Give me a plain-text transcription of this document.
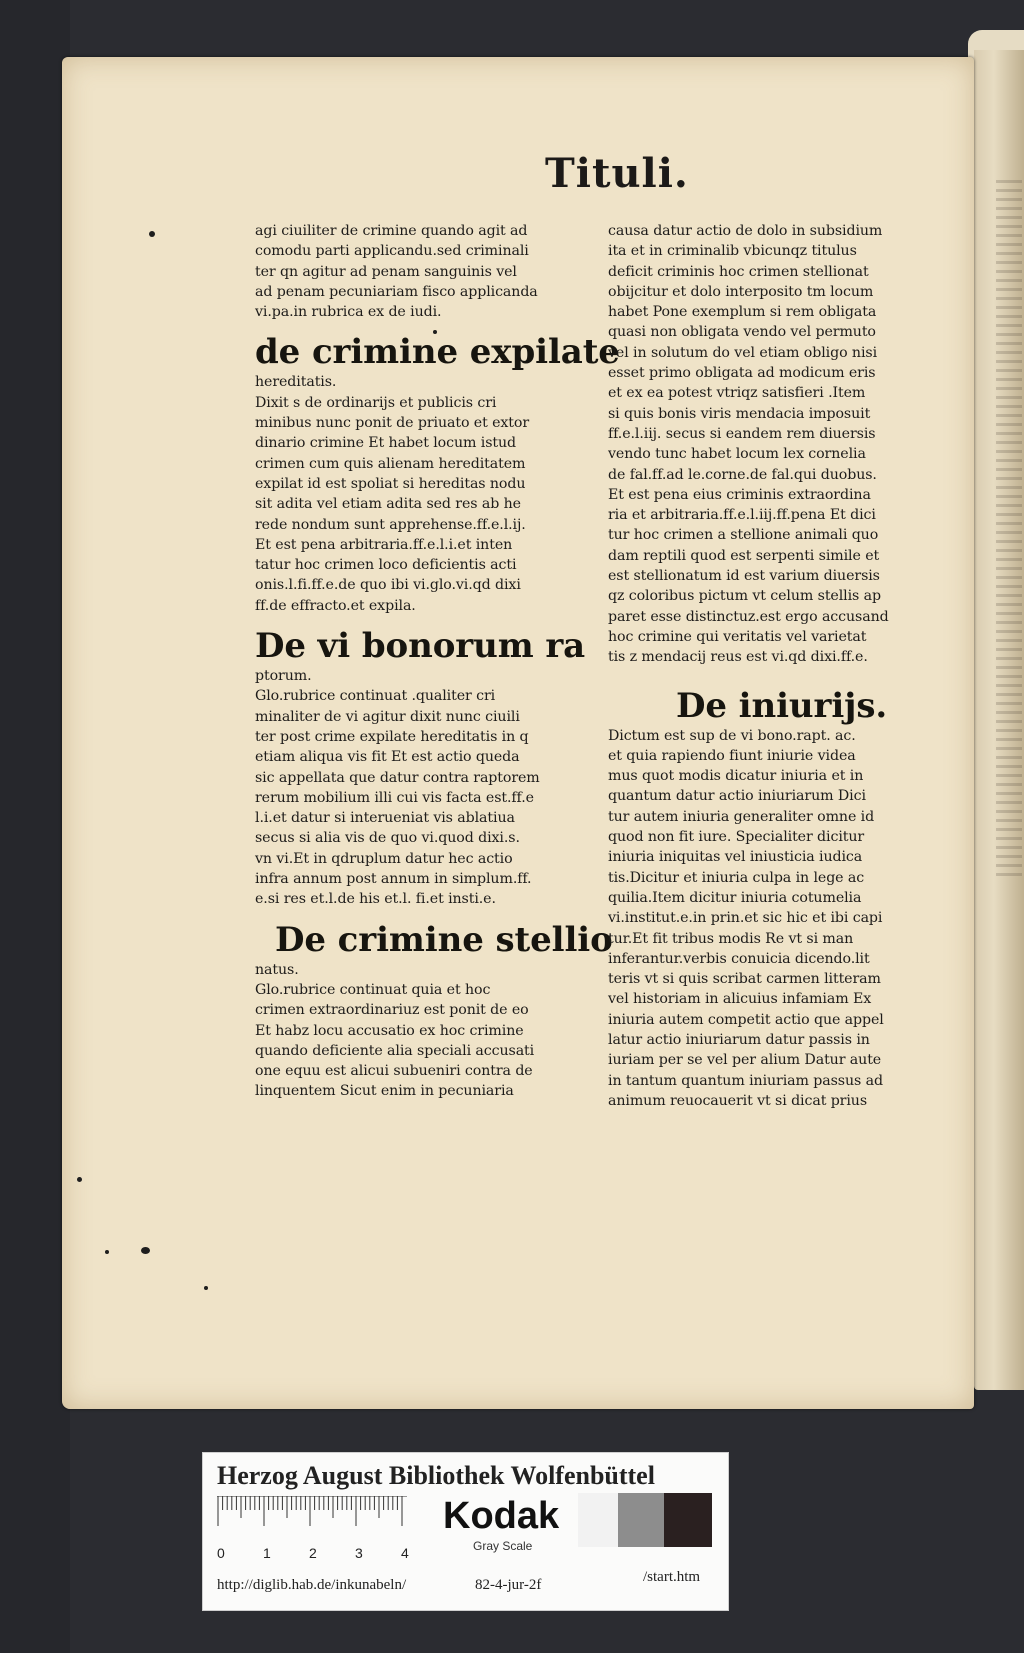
Tituli.

agi ciuiliter de crimine quando agit ad

comodu parti applicandu.sed criminali

ter qn agitur ad penam sanguinis vel

ad penam pecuniariam fisco applicanda

vi.pa.in rubrica ex de iudi.

de crimine expilate

hereditatis.

Dixit s de ordinarijs et publicis cri

minibus nunc ponit de priuato et extor

dinario crimine Et habet locum istud

crimen cum quis alienam hereditatem

expilat id est spoliat si hereditas nodu

sit adita vel etiam adita sed res ab he

rede nondum sunt apprehense.ff.e.l.ij.

Et est pena arbitraria.ff.e.l.i.et inten

tatur hoc crimen loco deficientis acti

onis.l.fi.ff.e.de quo ibi vi.glo.vi.qd dixi

ff.de effracto.et expila.

De vi bonorum ra

ptorum.

Glo.rubrice continuat .qualiter cri

minaliter de vi agitur dixit nunc ciuili

ter post crime expilate hereditatis in q

etiam aliqua vis fit Et est actio queda

sic appellata que datur contra raptorem

rerum mobilium illi cui vis facta est.ff.e

l.i.et datur si interueniat vis ablatiua

secus si alia vis de quo vi.quod dixi.s.

vn vi.Et in qdruplum datur hec actio

infra annum post annum in simplum.ff.

e.si res et.l.de his et.l. fi.et insti.e.

De crimine stellio

natus.

Glo.rubrice continuat quia et hoc

crimen extraordinariuz est ponit de eo

Et habz locu accusatio ex hoc crimine

quando deficiente alia speciali accusati

one equu est alicui subueniri contra de

linquentem Sicut enim in pecuniaria

causa datur actio de dolo in subsidium

ita et in criminalib vbicunqz titulus

deficit criminis hoc crimen stellionat

obijcitur et dolo interposito tm locum

habet Pone exemplum si rem obligata

quasi non obligata vendo vel permuto

vel in solutum do vel etiam obligo nisi

esset primo obligata ad modicum eris

et ex ea potest vtriqz satisfieri .Item

si quis bonis viris mendacia imposuit

ff.e.l.iij. secus si eandem rem diuersis

vendo tunc habet locum lex cornelia

de fal.ff.ad le.corne.de fal.qui duobus.

Et est pena eius criminis extraordina

ria et arbitraria.ff.e.l.iij.ff.pena Et dici

tur hoc crimen a stellione animali quo

dam reptili quod est serpenti simile et

est stellionatum id est varium diuersis

qz coloribus pictum vt celum stellis ap

paret esse distinctuz.est ergo accusand

hoc crimine qui veritatis vel varietat

tis z mendacij reus est vi.qd dixi.ff.e.

De iniurijs.

Dictum est sup de vi bono.rapt. ac.

et quia rapiendo fiunt iniurie videa

mus quot modis dicatur iniuria et in

quantum datur actio iniuriarum Dici

tur autem iniuria generaliter omne id

quod non fit iure. Specialiter dicitur

iniuria iniquitas vel iniusticia iudica

tis.Dicitur et iniuria culpa in lege ac

quilia.Item dicitur iniuria cotumelia

vi.institut.e.in prin.et sic hic et ibi capi

tur.Et fit tribus modis Re vt si man

inferantur.verbis conuicia dicendo.lit

teris vt si quis scribat carmen litteram

vel historiam in alicuius infamiam Ex

iniuria autem competit actio que appel

latur actio iniuriarum datur passis in

iuriam per se vel per alium Datur aute

in tantum quantum iniuriam passus ad

animum reuocauerit vt si dicat prius

Herzog August Bibliothek Wolfenbüttel
0	1	2	3	4
Kodak
Gray Scale
http://diglib.hab.de/inkunabeln/	82-4-jur-2f	/start.htm
